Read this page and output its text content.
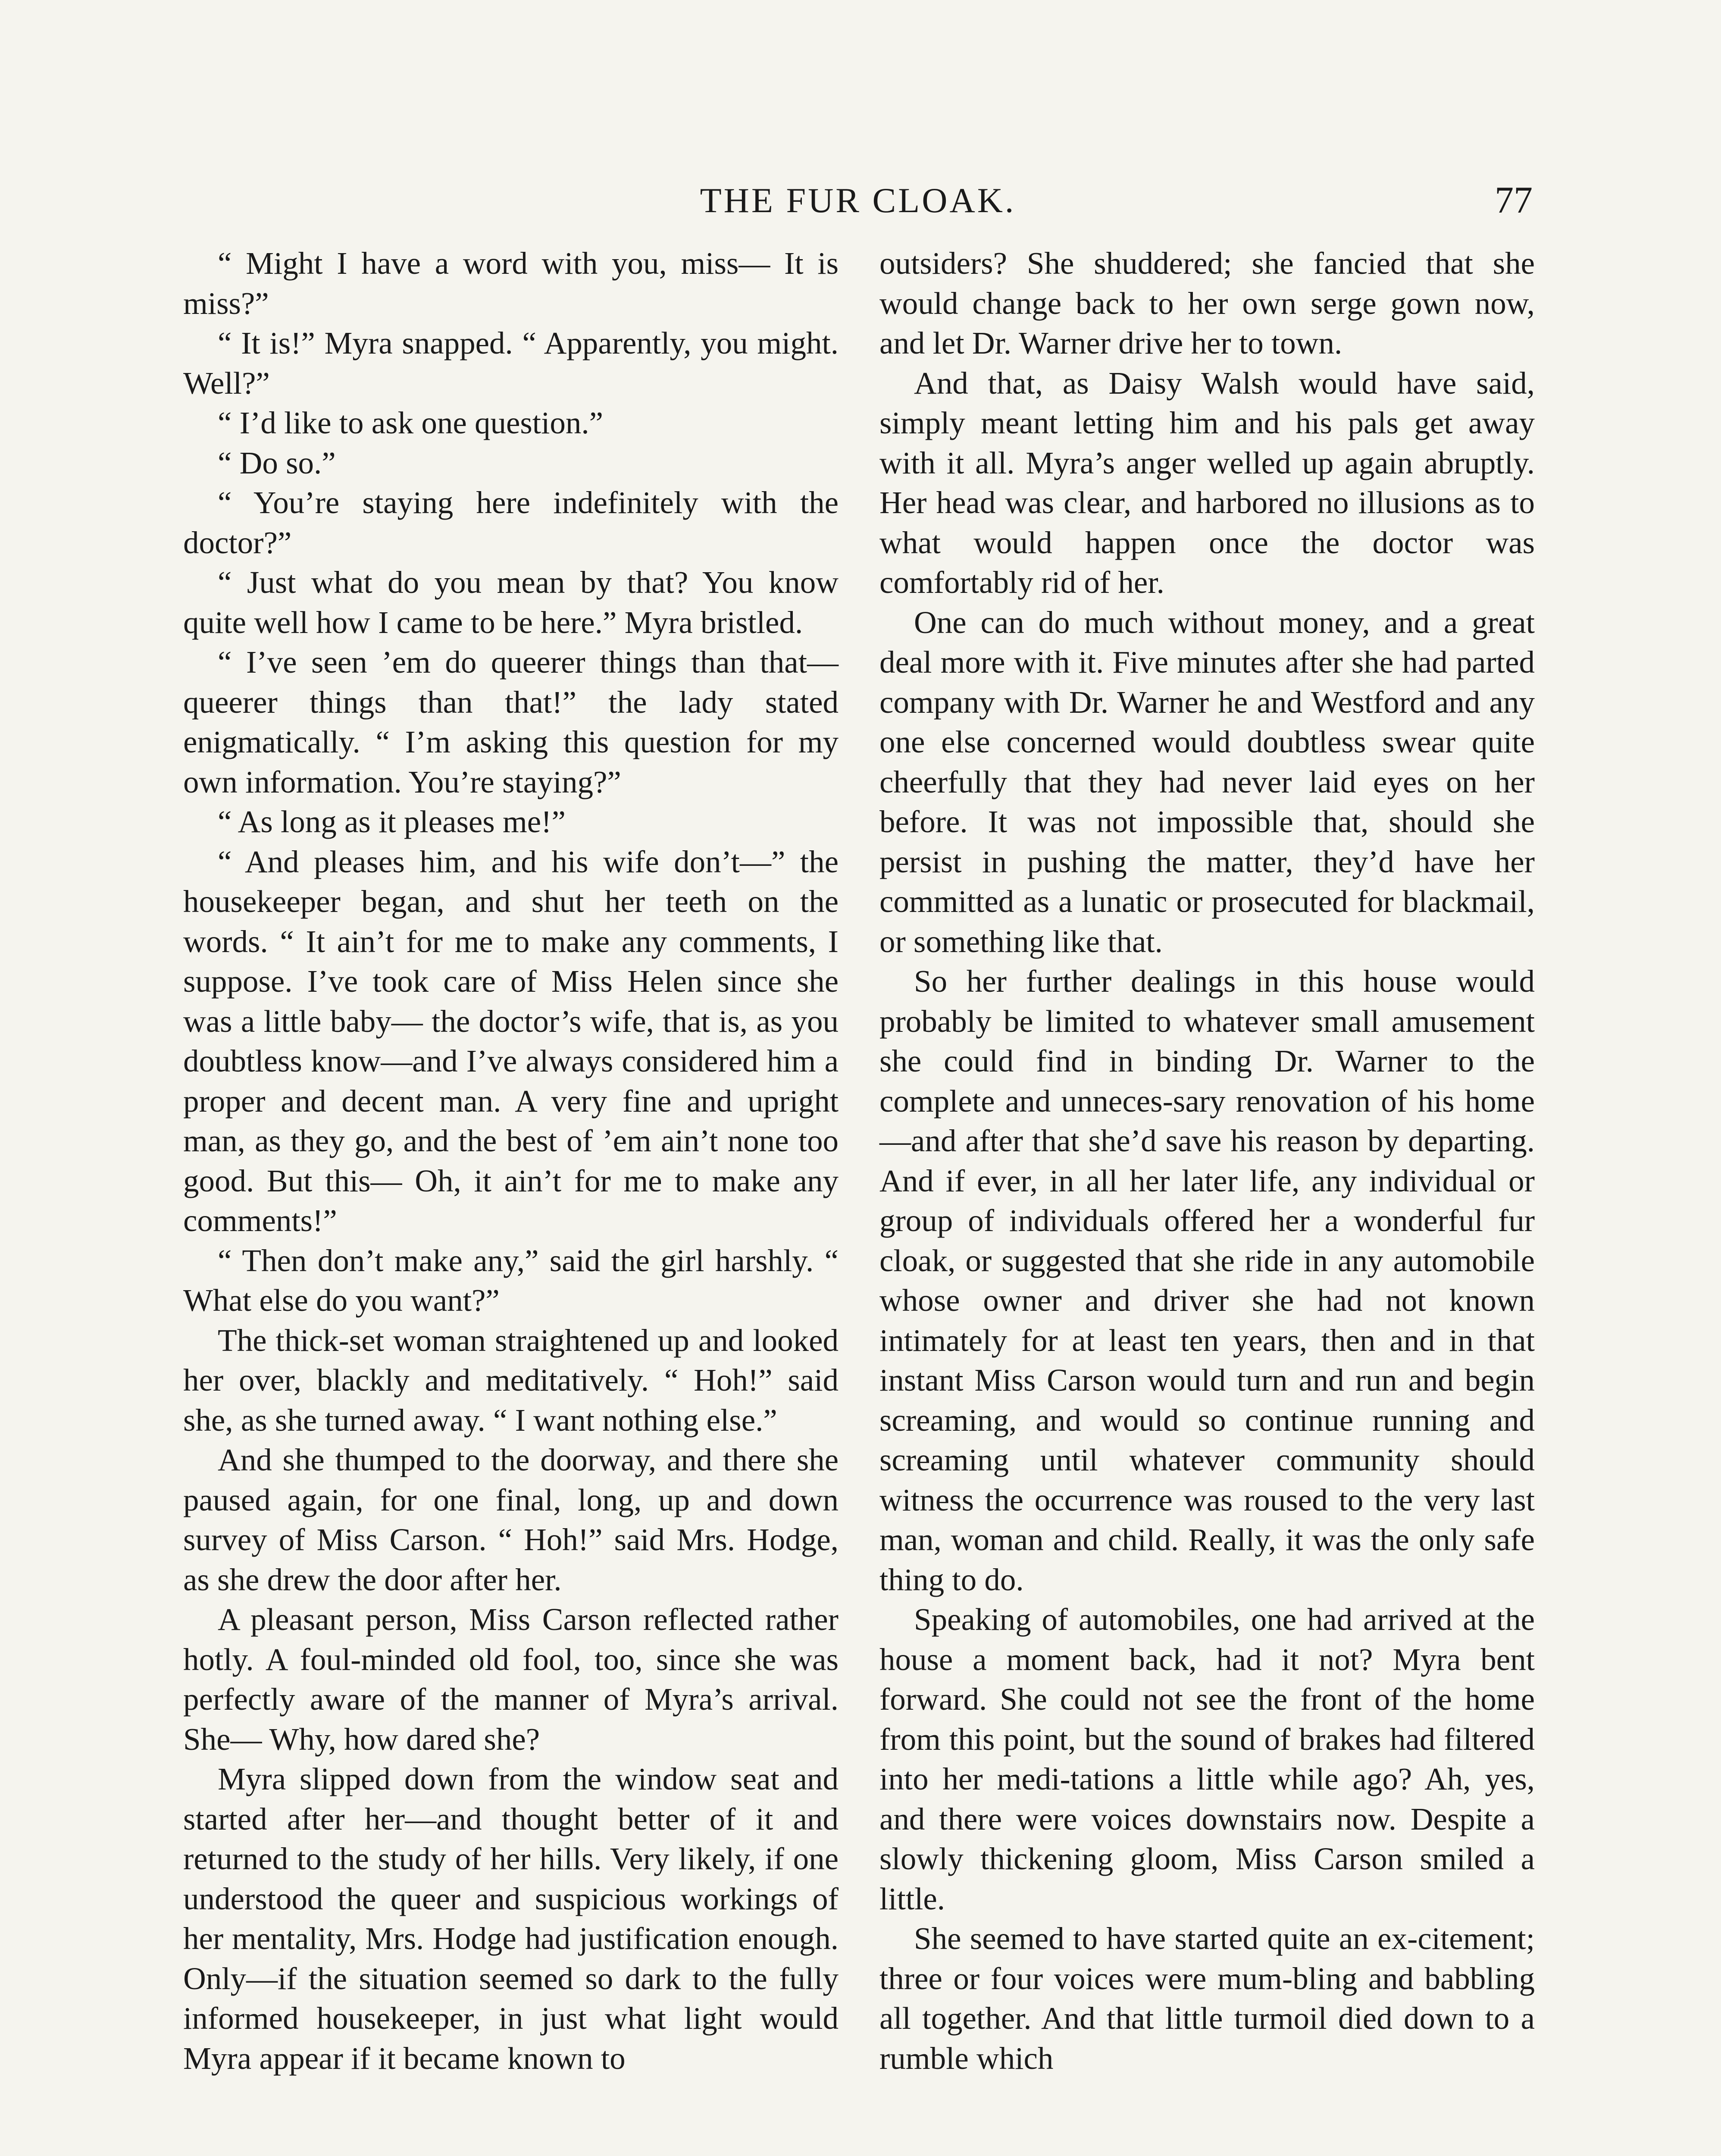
THE FUR CLOAK.	77

“ Might I have a word with you, miss— It is miss?”

“ It is!” Myra snapped. “ Apparently, you might. Well?”

“ I’d like to ask one question.”

“ Do so.”

“ You’re staying here indefinitely with the doctor?”

“ Just what do you mean by that? You know quite well how I came to be here.” Myra bristled.

“ I’ve seen ’em do queerer things than that—queerer things than that!” the lady stated enigmatically. “ I’m asking this question for my own information. You’re staying?”

“ As long as it pleases me!”

“ And pleases him, and his wife don’t—” the housekeeper began, and shut her teeth on the words. “ It ain’t for me to make any comments, I suppose. I’ve took care of Miss Helen since she was a little baby— the doctor’s wife, that is, as you doubtless know—and I’ve always considered him a proper and decent man. A very fine and upright man, as they go, and the best of ’em ain’t none too good. But this— Oh, it ain’t for me to make any comments!”

“ Then don’t make any,” said the girl harshly. “ What else do you want?”

The thick-set woman straightened up and looked her over, blackly and meditatively. “ Hoh!” said she, as she turned away. “ I want nothing else.”

And she thumped to the doorway, and there she paused again, for one final, long, up and down survey of Miss Carson. “ Hoh!” said Mrs. Hodge, as she drew the door after her.

A pleasant person, Miss Carson reflected rather hotly. A foul-minded old fool, too, since she was perfectly aware of the manner of Myra’s arrival. She— Why, how dared she?

Myra slipped down from the window seat and started after her—and thought better of it and returned to the study of her hills. Very likely, if one understood the queer and suspicious workings of her mentality, Mrs. Hodge had justification enough. Only—if the situation seemed so dark to the fully informed housekeeper, in just what light would Myra appear if it became known to

outsiders? She shuddered; she fancied that she would change back to her own serge gown now, and let Dr. Warner drive her to town.

And that, as Daisy Walsh would have said, simply meant letting him and his pals get away with it all. Myra’s anger welled up again abruptly. Her head was clear, and harbored no illusions as to what would happen once the doctor was comfortably rid of her.

One can do much without money, and a great deal more with it. Five minutes after she had parted company with Dr. Warner he and Westford and any one else concerned would doubtless swear quite cheerfully that they had never laid eyes on her before. It was not impossible that, should she persist in pushing the matter, they’d have her committed as a lunatic or prosecuted for blackmail, or something like that.

So her further dealings in this house would probably be limited to whatever small amusement she could find in binding Dr. Warner to the complete and unneces-sary renovation of his home—and after that she’d save his reason by departing. And if ever, in all her later life, any individual or group of individuals offered her a wonderful fur cloak, or suggested that she ride in any automobile whose owner and driver she had not known intimately for at least ten years, then and in that instant Miss Carson would turn and run and begin screaming, and would so continue running and screaming until whatever community should witness the occurrence was roused to the very last man, woman and child. Really, it was the only safe thing to do.

Speaking of automobiles, one had arrived at the house a moment back, had it not? Myra bent forward. She could not see the front of the home from this point, but the sound of brakes had filtered into her medi-tations a little while ago? Ah, yes, and there were voices downstairs now. Despite a slowly thickening gloom, Miss Carson smiled a little.

She seemed to have started quite an ex-citement; three or four voices were mum-bling and babbling all together. And that little turmoil died down to a rumble which
